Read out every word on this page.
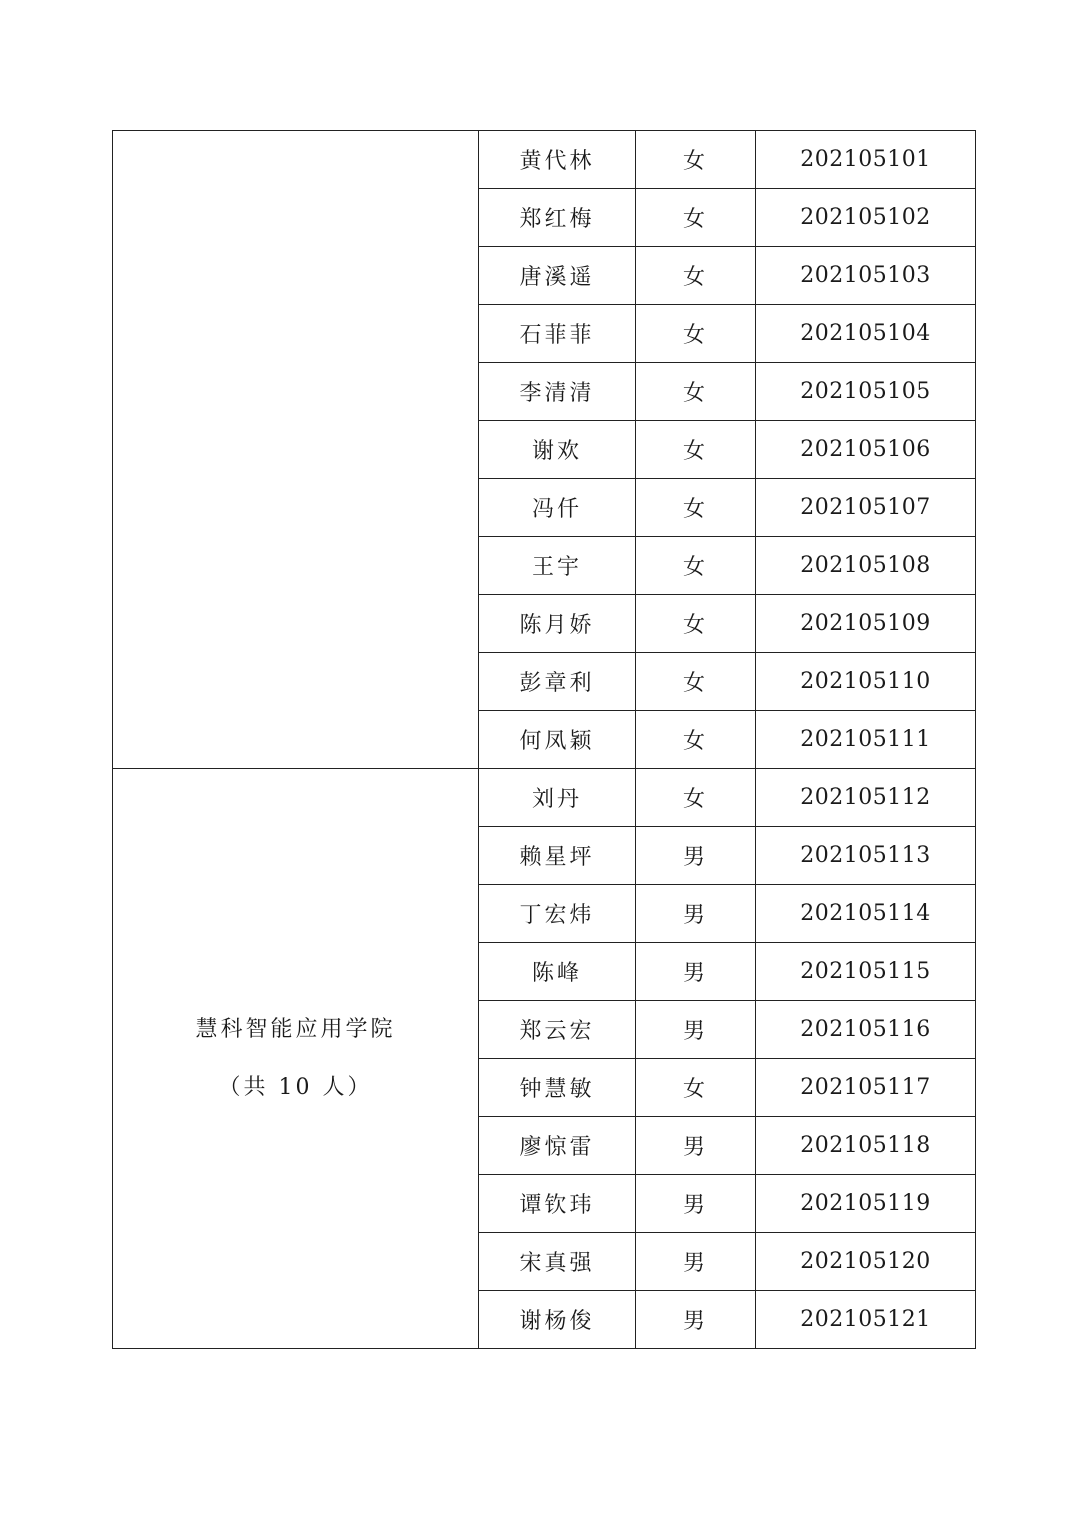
	黄代林	女	202105101
	郑红梅	女	202105102
	唐溪遥	女	202105103
	石菲菲	女	202105104
	李清清	女	202105105
	谢欢	女	202105106
	冯仟	女	202105107
	王宇	女	202105108
	陈月娇	女	202105109
	彭章利	女	202105110
	何凤颖	女	202105111

慧科智能应用学院
（共 10 人）	刘丹	女	202105112
	赖星坪	男	202105113
	丁宏炜	男	202105114
	陈峰	男	202105115
	郑云宏	男	202105116
	钟慧敏	女	202105117
	廖惊雷	男	202105118
	谭钦玮	男	202105119
	宋真强	男	202105120
	谢杨俊	男	202105121
